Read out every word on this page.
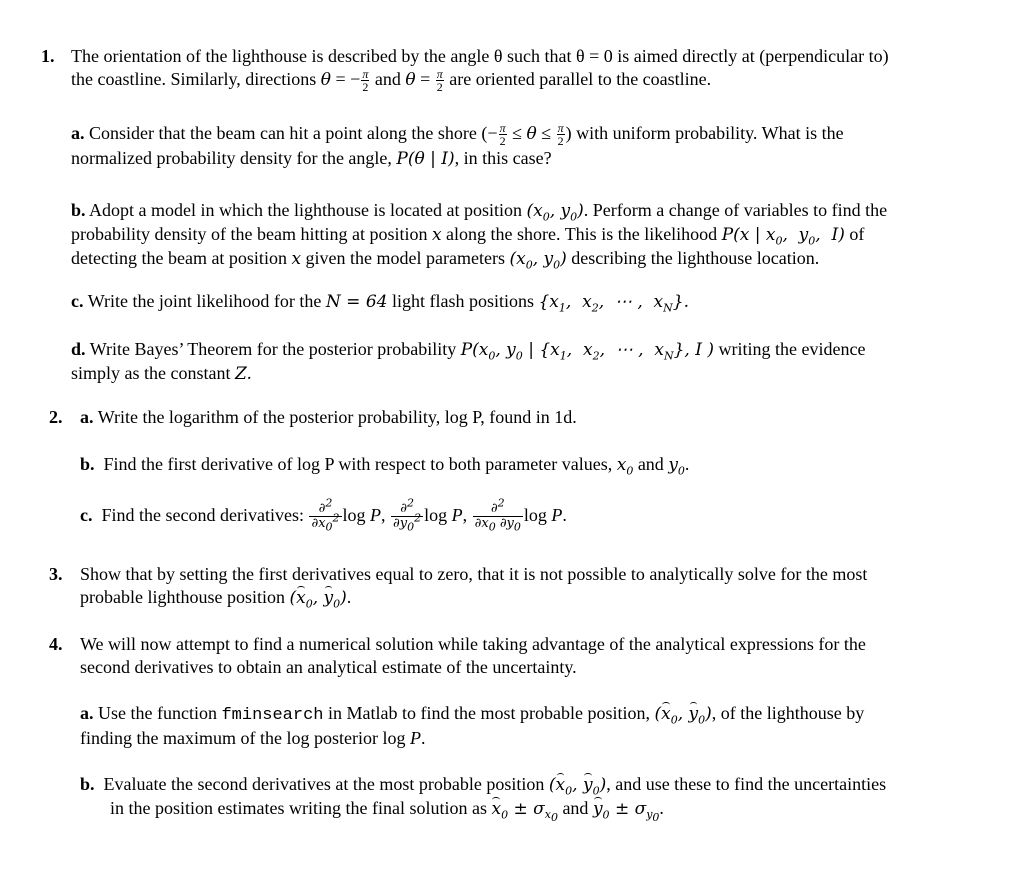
1. The orientation of the lighthouse is described by the angle θ such that θ = 0 is aimed directly at (perpendicular to)
the coastline. Similarly, directions θ = − $\frac{\pi}{2}$ and $\theta = \frac{\pi}{2}$ are oriented parallel to the coastline.
a. Consider that the beam can hit a point along the shore (− $\frac{\pi}{2} \le \theta \le \frac{\pi}{2}$ ) with uniform probability. What is the
normalized probability density for the angle, P(θ | I), in this case?
b. Adopt a model in which the lighthouse is located at position ($x_0$, $y_0$). Perform a change of variables to find the
probability density of the beam hitting at position x along the shore. This is the likelihood P(x | $x_0$,  $y_0$,  I) of
detecting the beam at position x given the model parameters ($x_0$, $y_0$) describing the lighthouse location.
c. Write the joint likelihood for the N = 64 light flash positions {$x_1$,  $x_2$,  ⋯ ,  $x_N$}.
d. Write Bayes’ Theorem for the posterior probability $P(x_0$, $y_0$ | {$x_1$,  $x_2$,  ⋯ ,  $x_N$}, I ) writing the evidence
simply as the constant Z.
2. a. Write the logarithm of the posterior probability, log P, found in 1d.
b. Find the first derivative of log P with respect to both parameter values, $x_0$ and $y_0$.
c. Find the second derivatives: $\frac{\partial^2}{\partial x_0^2}$ log P, $\frac{\partial^2}{\partial y_0^2}$ log P, $\frac{\partial^2}{\partial x_0 \partial y_0}$ log P.
3. Show that by setting the first derivatives equal to zero, that it is not possible to analytically solve for the most
probable lighthouse position ($x_0$, $y_0$).
4. We will now attempt to find a numerical solution while taking advantage of the analytical expressions for the
second derivatives to obtain an analytical estimate of the uncertainty.
a. Use the function fminsearch in Matlab to find the most probable position, ($x_0$, $y_0$), of the lighthouse by
finding the maximum of the log posterior log P.
b. Evaluate the second derivatives at the most probable position ($x_0$, $y_0$), and use these to find the uncertainties
in the position estimates writing the final solution as $x_0 \pm \sigma_{x_0}$ and $y_0 \pm \sigma_{y_0}$.
